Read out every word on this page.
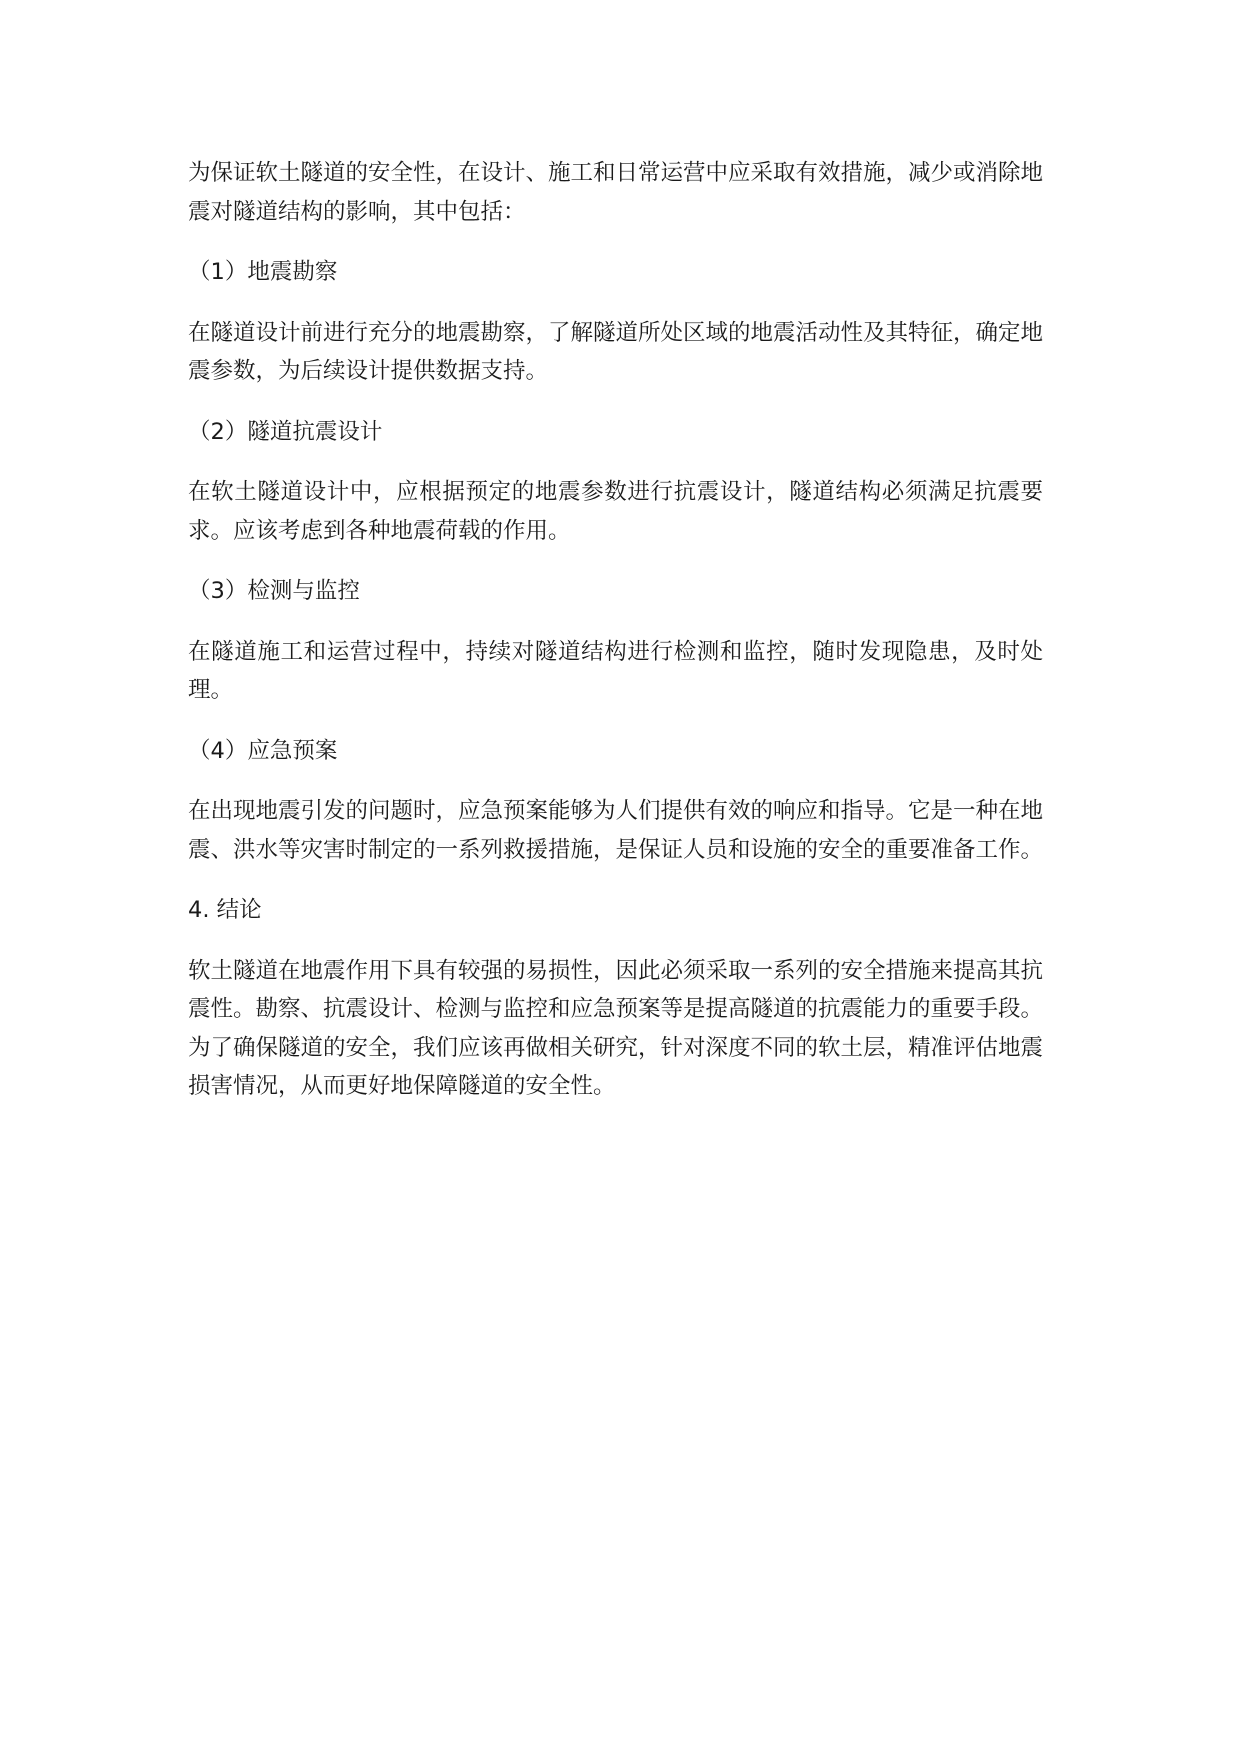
为保证软土隧道的安全性，在设计、施工和日常运营中应采取有效措施，减少或消除地震对隧道结构的影响，其中包括：

（1）地震勘察

在隧道设计前进行充分的地震勘察，了解隧道所处区域的地震活动性及其特征，确定地震参数，为后续设计提供数据支持。

（2）隧道抗震设计

在软土隧道设计中，应根据预定的地震参数进行抗震设计，隧道结构必须满足抗震要求。应该考虑到各种地震荷载的作用。

（3）检测与监控

在隧道施工和运营过程中，持续对隧道结构进行检测和监控，随时发现隐患，及时处理。

（4）应急预案

在出现地震引发的问题时，应急预案能够为人们提供有效的响应和指导。它是一种在地震、洪水等灾害时制定的一系列救援措施，是保证人员和设施的安全的重要准备工作。

4. 结论

软土隧道在地震作用下具有较强的易损性，因此必须采取一系列的安全措施来提高其抗震性。勘察、抗震设计、检测与监控和应急预案等是提高隧道的抗震能力的重要手段。为了确保隧道的安全，我们应该再做相关研究，针对深度不同的软土层，精准评估地震损害情况，从而更好地保障隧道的安全性。
